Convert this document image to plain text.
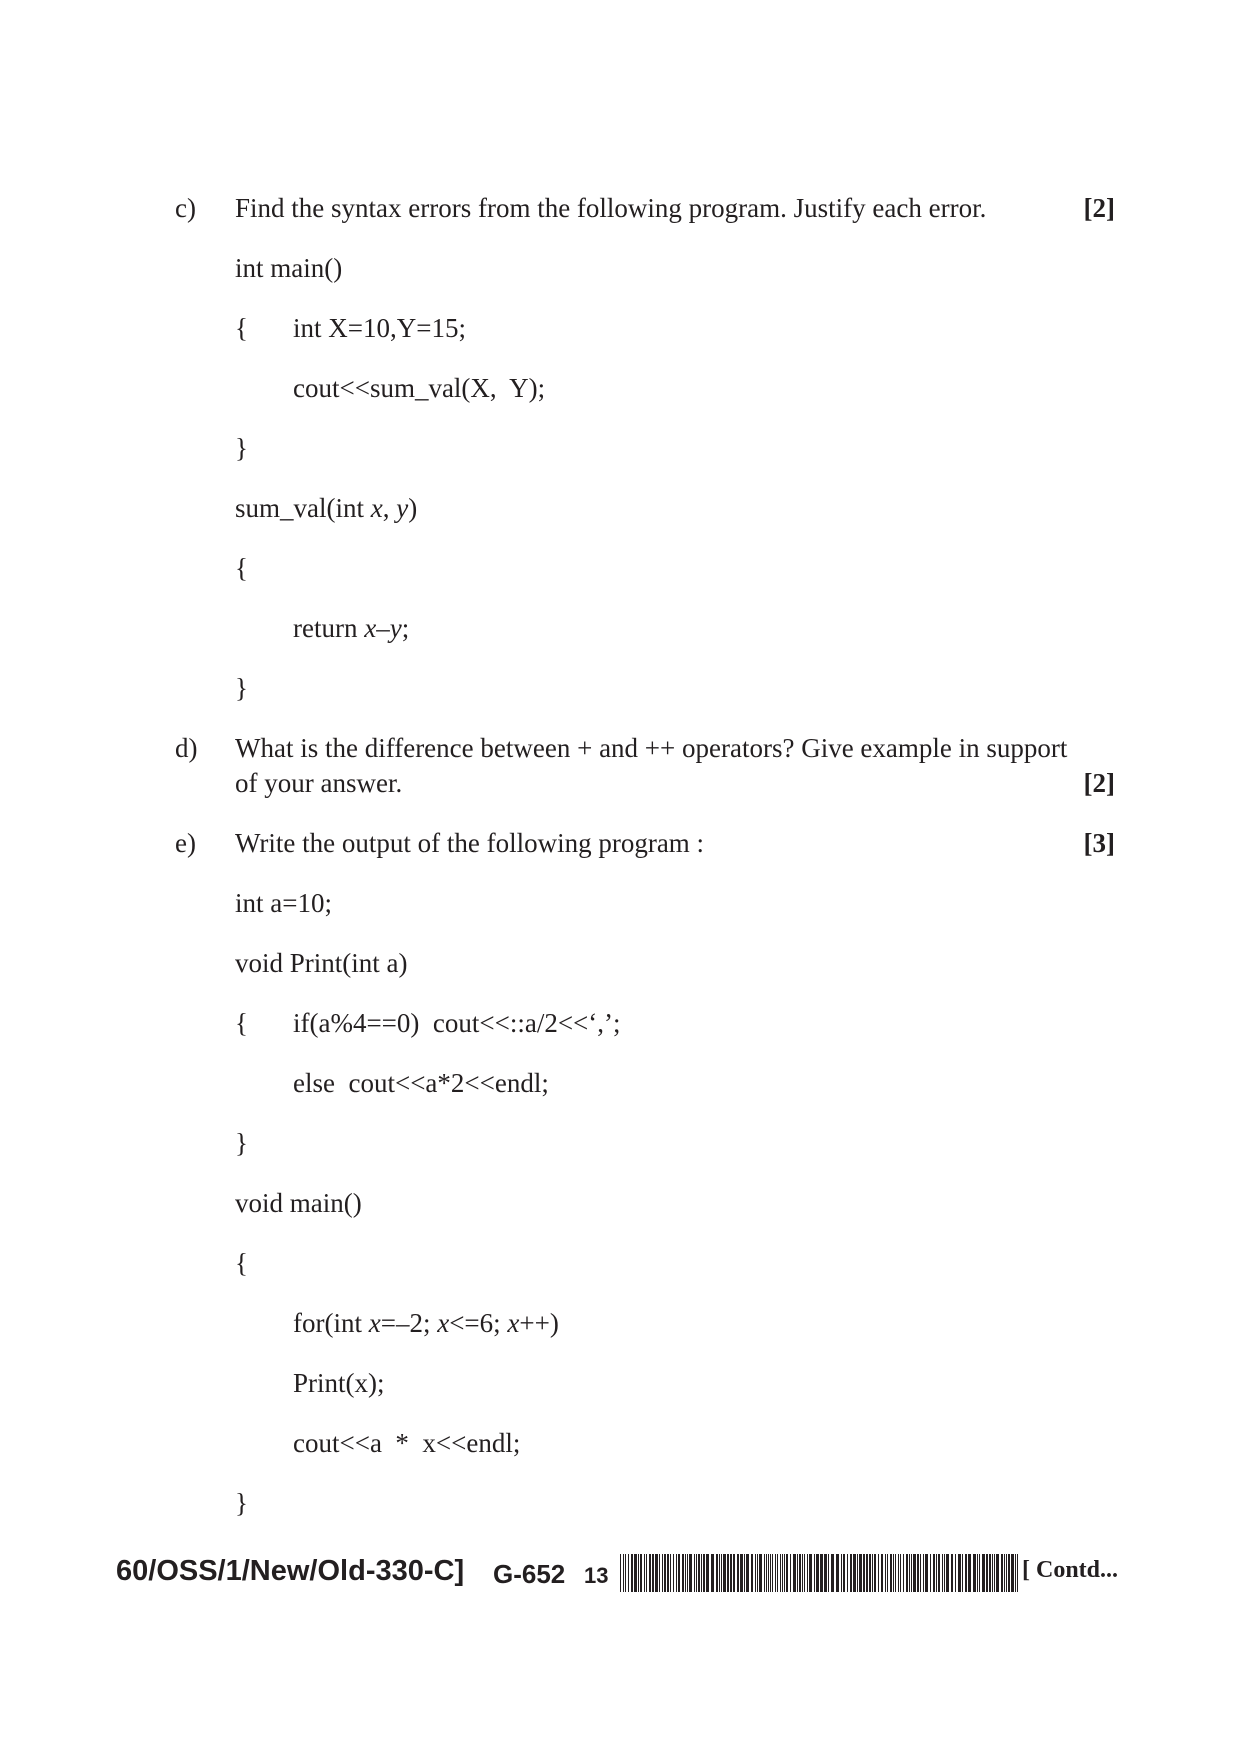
c) Find the syntax errors from the following program. Justify each error.	[2]
int main()
{ int X=10,Y=15;
cout<<sum_val(X,  Y);
}
sum_val(int x, y)
{
return x–y;
}
d) What is the difference between + and ++ operators? Give example in support
of your answer.	[2]
e) Write the output of the following program :	[3]
int a=10;
void Print(int a)
{ if(a%4==0)  cout<<::a/2<<‘,’;
else  cout<<a*2<<endl;
}
void main()
{
for(int x=–2; x<=6; x++)
Print(x);
cout<<a  *  x<<endl;
}
60/OSS/1/New/Old-330-C] G-652 13	[ Contd...
